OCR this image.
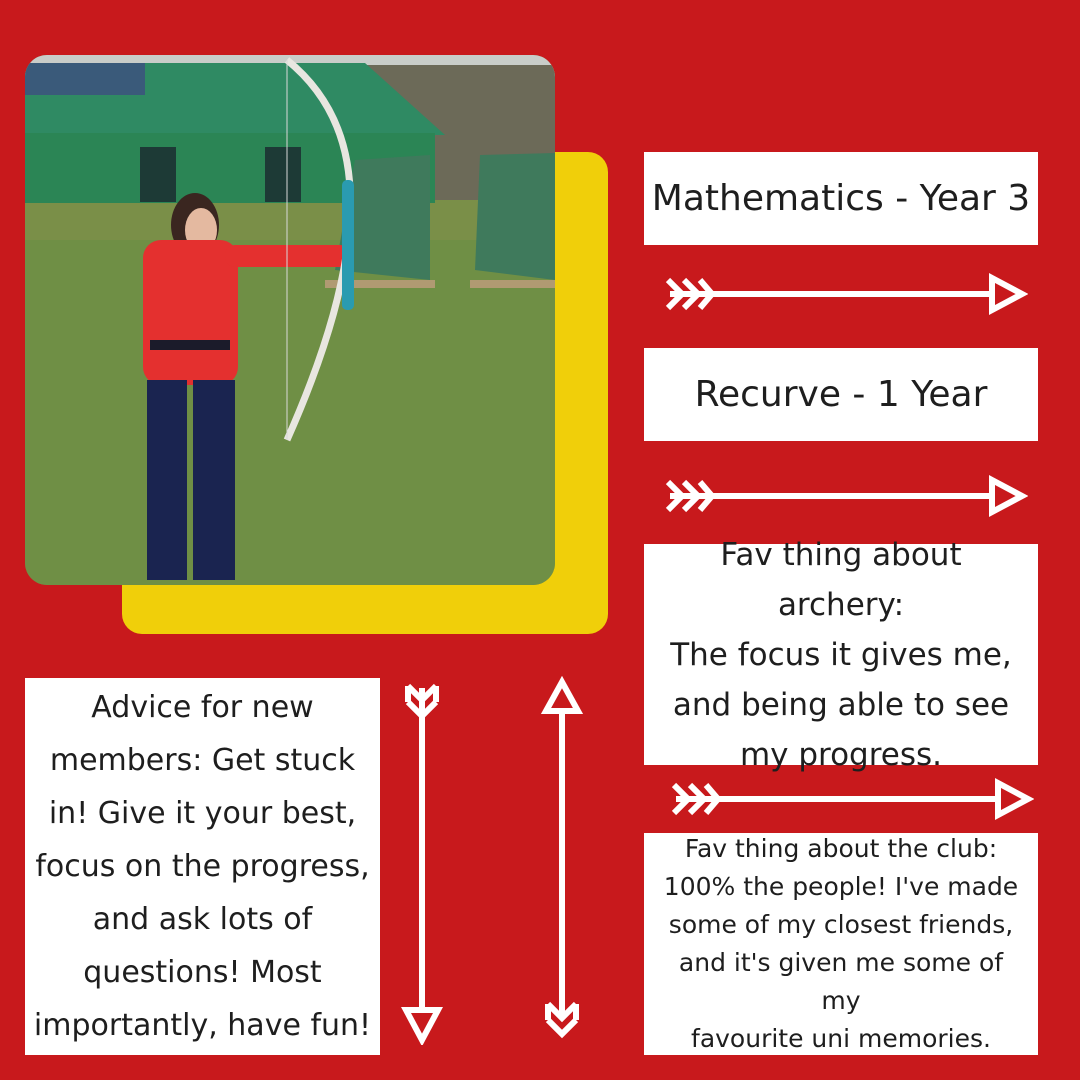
Mathematics - Year 3
Recurve - 1 Year
Fav thing about archery:
The focus it gives me,
and being able to see
my progress.
Fav thing about the club:
100% the people! I've made
some of my closest friends,
and it's given me some of my
favourite uni memories.
Advice for new
members: Get stuck
in! Give it your best,
focus on the progress,
and ask lots of
questions! Most
importantly, have fun!
